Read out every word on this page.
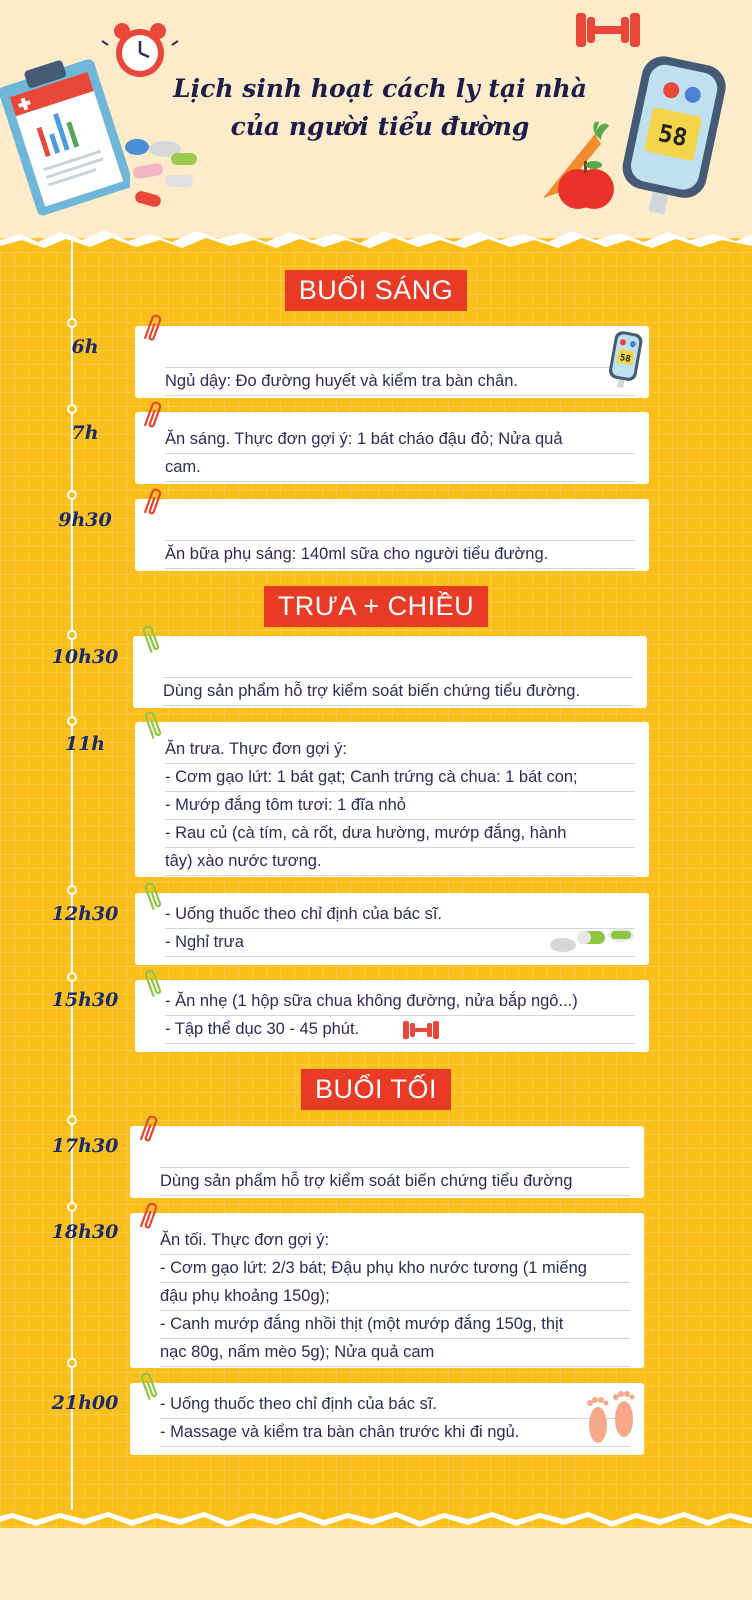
58
Lịch sinh hoạt cách ly tại nhà
của người tiểu đường
BUỔI SÁNG
TRƯA + CHIỀU
BUỔI TỐI
6h
7h
9h30
10h30
11h
12h30
15h30
17h30
18h30
21h00
Ngủ dậy: Đo đường huyết và kiểm tra bàn chân.
58
Ăn sáng. Thực đơn gợi ý: 1 bát cháo đậu đỏ; Nửa quả
cam.
Ăn bữa phụ sáng: 140ml sữa cho người tiểu đường.
Dùng sản phẩm hỗ trợ kiểm soát biến chứng tiểu đường.
Ăn trưa. Thực đơn gợi ý:
- Cơm gạo lứt: 1 bát gạt; Canh trứng cà chua: 1 bát con;
- Mướp đắng tôm tươi: 1 đĩa nhỏ
- Rau củ (cà tím, cà rốt, dưa hường, mướp đắng, hành
tây) xào nước tương.
- Uống thuốc theo chỉ định của bác sĩ.
- Nghỉ trưa
- Ăn nhẹ (1 hộp sữa chua không đường, nửa bắp ngô...)
- Tập thể dục 30 - 45 phút.
Dùng sản phẩm hỗ trợ kiểm soát biến chứng tiểu đường
Ăn tối. Thực đơn gợi ý:
- Cơm gạo lứt: 2/3 bát; Đậu phụ kho nước tương (1 miếng
đậu phụ khoảng 150g);
- Canh mướp đắng nhồi thịt (một mướp đắng 150g, thịt
nạc 80g, nấm mèo 5g); Nửa quả cam
- Uống thuốc theo chỉ định của bác sĩ.
- Massage và kiểm tra bàn chân trước khi đi ngủ.
